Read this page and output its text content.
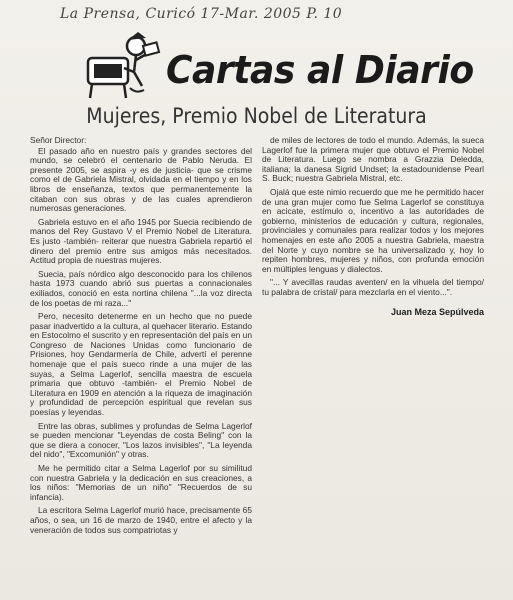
La Prensa, Curicó 17-Mar. 2005 P. 10
Cartas al Diario
Mujeres, Premio Nobel de Literatura

Señor Director:

El pasado año en nuestro país y grandes sectores del mundo, se celebró el centenario de Pablo Neruda. El presente 2005, se aspira -y es de justicia- que se crisme como el de Gabriela Mistral, olvidada en el tiempo y en los libros de enseñanza, textos que permanentemente la citaban con sus obras y de las cuales aprendieron numerosas generaciones.

Gabriela estuvo en el año 1945 por Suecia recibiendo de manos del Rey Gustavo V el Premio Nobel de Literatura. Es justo -también- reiterar que nuestra Gabriela repartió el dinero del premio entre sus amigos más necesitados. Actitud propia de nuestras mujeres.

Suecia, país nórdico algo desconocido para los chilenos hasta 1973 cuando abrió sus puertas a connacionales exiliados, conoció en esta nortina chilena "...la voz directa de los poetas de mi raza..."

Pero, necesito detenerme en un hecho que no puede pasar inadvertido a la cultura, al quehacer literario. Estando en Estocolmo el suscrito y en representación del país en un Congreso de Naciones Unidas como funcionario de Prisiones, hoy Gendarmería de Chile, advertí el perenne homenaje que el país sueco rinde a una mujer de las suyas, a Selma Lagerlof, sencilla maestra de escuela primaria que obtuvo -también- el Premio Nobel de Literatura en 1909 en atención a la riqueza de imaginación y profundidad de percepción espiritual que revelan sus poesías y leyendas.

Entre las obras, sublimes y profundas de Selma Lagerlof se pueden mencionar "Leyendas de costa Beling" con la que se diera a conocer, "Los lazos invisibles", "La leyenda del nido", "Excomunión" y otras.

Me he permitido citar a Selma Lagerlof por su similitud con nuestra Gabriela y la dedicación en sus creaciones, a los niños: "Memorias de un niño" "Recuerdos de su infancia).

La escritora Selma Lagerlof murió hace, precisamente 65 años, o sea, un 16 de marzo de 1940, entre el afecto y la veneración de todos sus compatriotas y

de miles de lectores de todo el mundo. Además, la sueca Lagerlof fue la primera mujer que obtuvo el Premio Nobel de Literatura. Luego se nombra a Grazzia Deledda, italiana; la danesa Sigrid Undset; la estadounidense Pearl S. Buck; nuestra Gabriela Mistral, etc.

Ojalá que este nimio recuerdo que me he permitido hacer de una gran mujer como fue Selma Lagerlof se constituya en acicate, estímulo o, incentivo a las autoridades de gobierno, ministerios de educación y cultura, regionales, provinciales y comunales para realizar todos y los mejores homenajes en este año 2005 a nuestra Gabriela, maestra del Norte y cuyo nombre se ha universalizado y, hoy lo repiten hombres, mujeres y niños, con profunda emoción en múltiples lenguas y dialectos.

"... Y avecillas raudas aventen/ en la vihuela del tiempo/ tu palabra de cristal/ para mezclarla en el viento...".

Juan Meza Sepúlveda
